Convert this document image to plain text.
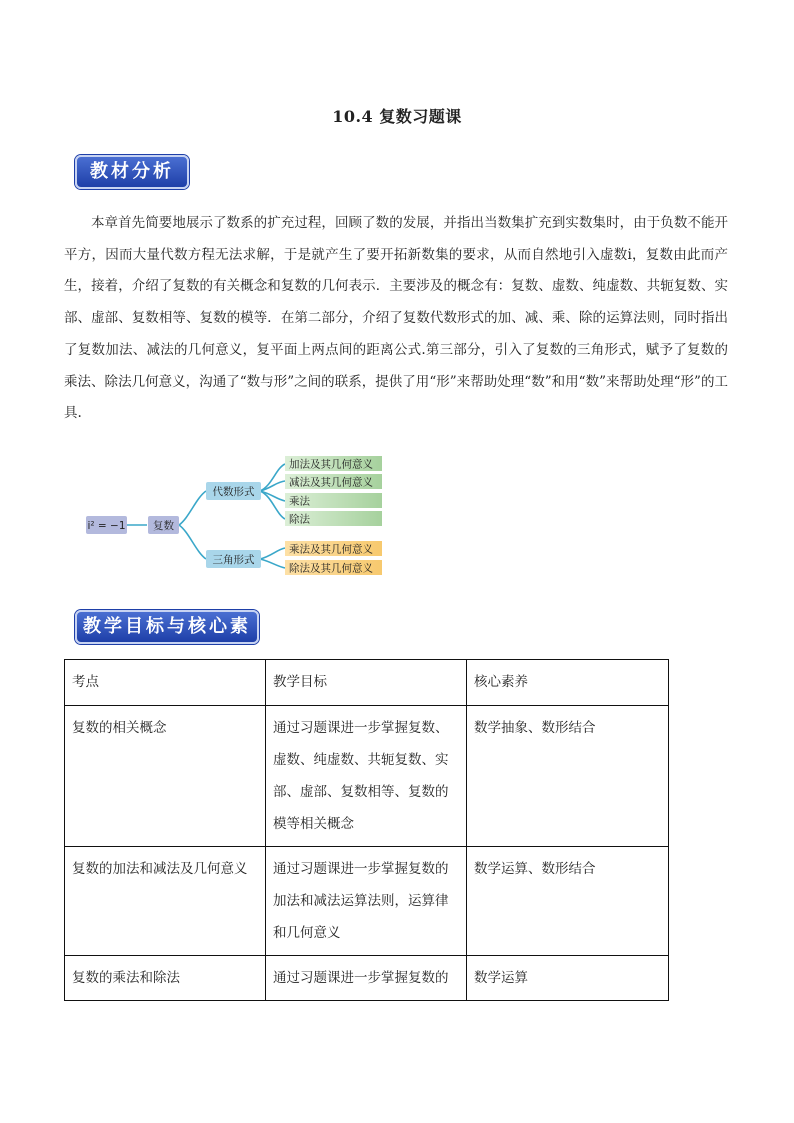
10.4 复数习题课
教材分析

本章首先简要地展示了数系的扩充过程，回顾了数的发展，并指出当数集扩充到实数集时，由于负数不能开平方，因而大量代数方程无法求解，于是就产生了要开拓新数集的要求，从而自然地引入虚数i，复数由此而产生，接着，介绍了复数的有关概念和复数的几何表示．主要涉及的概念有：复数、虚数、纯虚数、共轭复数、实部、虚部、复数相等、复数的模等．在第二部分，介绍了复数代数形式的加、减、乘、除的运算法则，同时指出了复数加法、减法的几何意义，复平面上两点间的距离公式.第三部分，引入了复数的三角形式，赋予了复数的乘法、除法几何意义，沟通了“数与形”之间的联系，提供了用“形”来帮助处理“数”和用“数”来帮助处理“形”的工具.

i² = −1	复数
代数形式
三角形式
加法及其几何意义
减法及其几何意义
乘法
除法
乘法及其几何意义
除法及其几何意义
教学目标与核心素养
考点	教学目标	核心素养
复数的相关概念	通过习题课进一步掌握复数、虚数、纯虚数、共轭复数、实部、虚部、复数相等、复数的模等相关概念	数学抽象、数形结合
复数的加法和减法及几何意义	通过习题课进一步掌握复数的加法和减法运算法则，运算律和几何意义	数学运算、数形结合
复数的乘法和除法	通过习题课进一步掌握复数的	数学运算
